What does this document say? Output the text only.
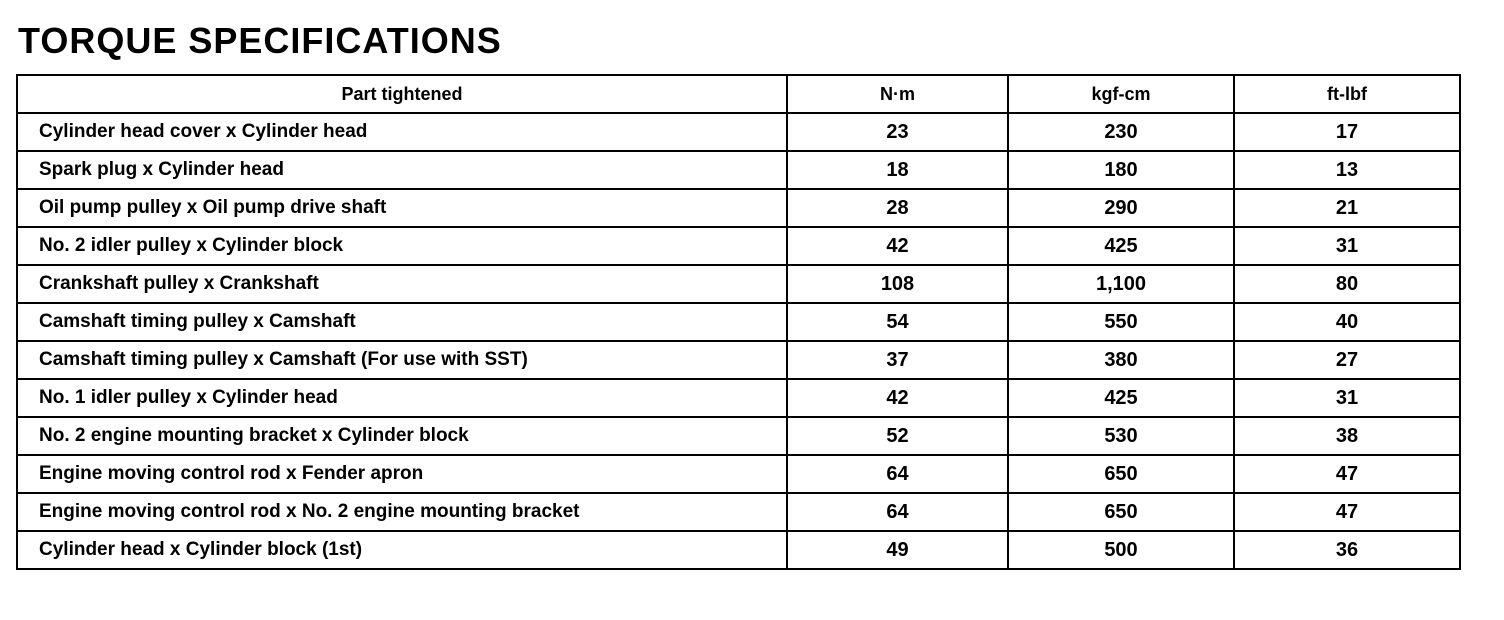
TORQUE SPECIFICATIONS
Part tightened	N·m	kgf-cm	ft-lbf
Cylinder head cover x Cylinder head	23	230	17
Spark plug x Cylinder head	18	180	13
Oil pump pulley x Oil pump drive shaft	28	290	21
No. 2 idler pulley x Cylinder block	42	425	31
Crankshaft pulley x Crankshaft	108	1,100	80
Camshaft timing pulley x Camshaft	54	550	40
Camshaft timing pulley x Camshaft (For use with SST)	37	380	27
No. 1 idler pulley x Cylinder head	42	425	31
No. 2 engine mounting bracket x Cylinder block	52	530	38
Engine moving control rod x Fender apron	64	650	47
Engine moving control rod x No. 2 engine mounting bracket	64	650	47
Cylinder head x Cylinder block (1st)	49	500	36
